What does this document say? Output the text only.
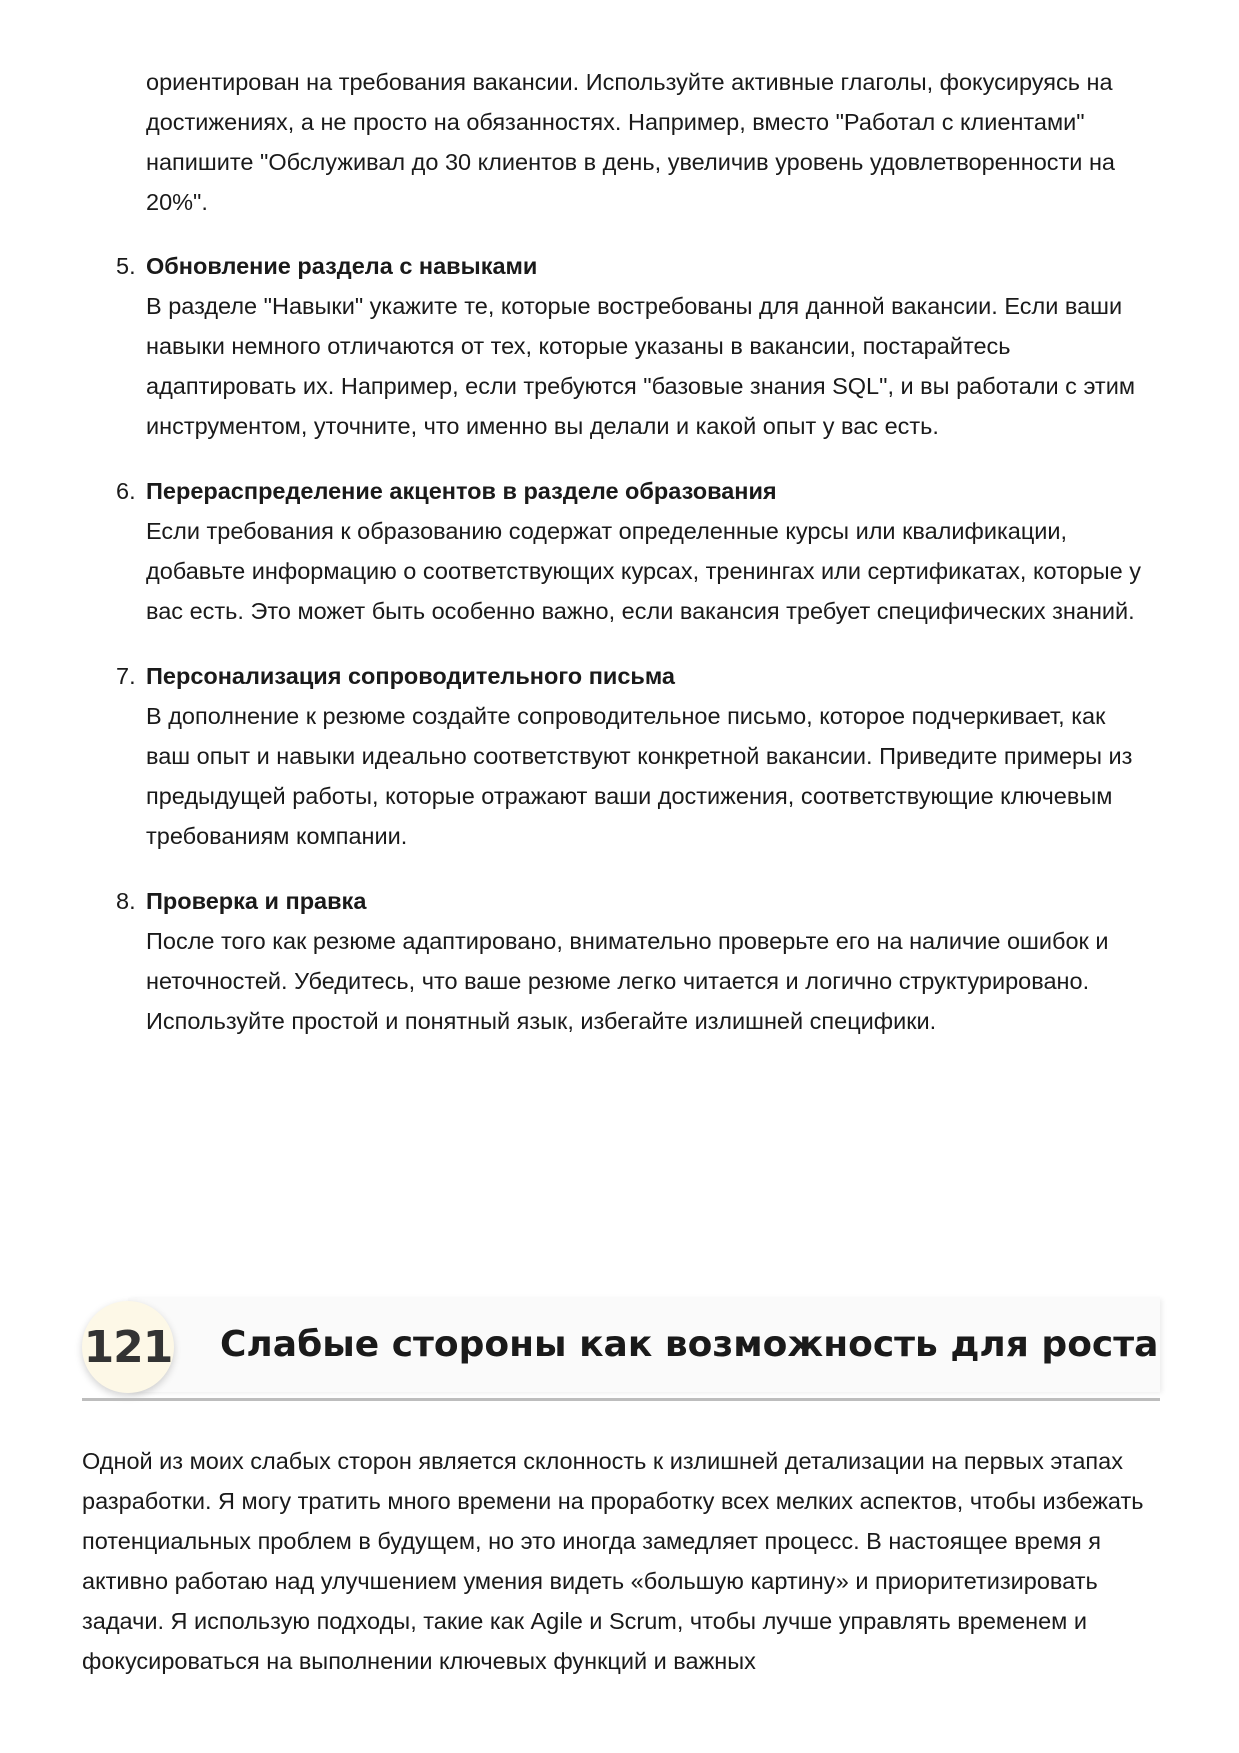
ориентирован на требования вакансии. Используйте активные глаголы, фокусируясь на достижениях, а не просто на обязанностях. Например, вместо "Работал с клиентами" напишите "Обслуживал до 30 клиентов в день, увеличив уровень удовлетворенности на 20%".

5. Обновление раздела с навыками
В разделе "Навыки" укажите те, которые востребованы для данной вакансии. Если ваши навыки немного отличаются от тех, которые указаны в вакансии, постарайтесь адаптировать их. Например, если требуются "базовые знания SQL", и вы работали с этим инструментом, уточните, что именно вы делали и какой опыт у вас есть.
6. Перераспределение акцентов в разделе образования
Если требования к образованию содержат определенные курсы или квалификации, добавьте информацию о соответствующих курсах, тренингах или сертификатах, которые у вас есть. Это может быть особенно важно, если вакансия требует специфических знаний.
7. Персонализация сопроводительного письма
В дополнение к резюме создайте сопроводительное письмо, которое подчеркивает, как ваш опыт и навыки идеально соответствуют конкретной вакансии. Приведите примеры из предыдущей работы, которые отражают ваши достижения, соответствующие ключевым требованиям компании.
8. Проверка и правка
После того как резюме адаптировано, внимательно проверьте его на наличие ошибок и неточностей. Убедитесь, что ваше резюме легко читается и логично структурировано. Используйте простой и понятный язык, избегайте излишней специфики.
121 Слабые стороны как возможность для роста

Одной из моих слабых сторон является склонность к излишней детализации на первых этапах разработки. Я могу тратить много времени на проработку всех мелких аспектов, чтобы избежать потенциальных проблем в будущем, но это иногда замедляет процесс. В настоящее время я активно работаю над улучшением умения видеть «большую картину» и приоритетизировать задачи. Я использую подходы, такие как Agile и Scrum, чтобы лучше управлять временем и фокусироваться на выполнении ключевых функций и важных
